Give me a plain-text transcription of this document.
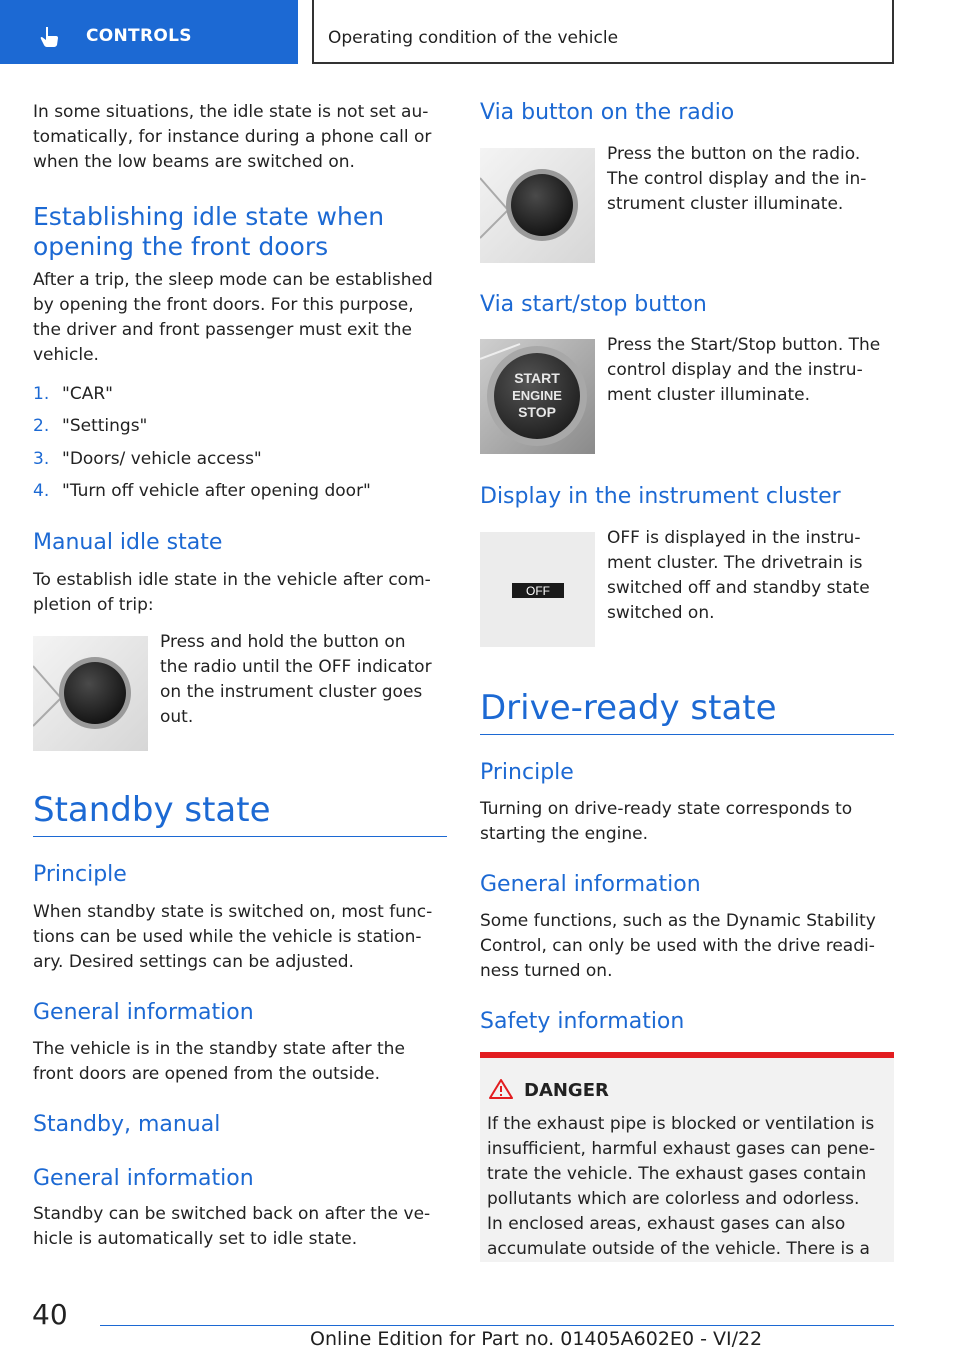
CONTROLS	Operating condition of the vehicle
In some situations, the idle state is not set au-
tomatically, for instance during a phone call or
when the low beams are switched on.
Establishing idle state when
opening the front doors
After a trip, the sleep mode can be established
by opening the front doors. For this purpose,
the driver and front passenger must exit the
vehicle.
1. "CAR"
2. "Settings"
3. "Doors/ vehicle access"
4. "Turn off vehicle after opening door"
Manual idle state
To establish idle state in the vehicle after com-
pletion of trip:
Press and hold the button on
the radio until the OFF indicator
on the instrument cluster goes
out.
Standby state
Principle
When standby state is switched on, most func-
tions can be used while the vehicle is station-
ary. Desired settings can be adjusted.
General information
The vehicle is in the standby state after the
front doors are opened from the outside.
Standby, manual
General information
Standby can be switched back on after the ve-
hicle is automatically set to idle state.
Via button on the radio
Press the button on the radio.
The control display and the in-
strument cluster illuminate.
Via start/stop button
START
ENGINE
STOP
Press the Start/Stop button. The
control display and the instru-
ment cluster illuminate.
Display in the instrument cluster
OFF
OFF is displayed in the instru-
ment cluster. The drivetrain is
switched off and standby state
switched on.
Drive-ready state
Principle
Turning on drive-ready state corresponds to
starting the engine.
General information
Some functions, such as the Dynamic Stability
Control, can only be used with the drive readi-
ness turned on.
Safety information
DANGER
If the exhaust pipe is blocked or ventilation is
insufficient, harmful exhaust gases can pene-
trate the vehicle. The exhaust gases contain
pollutants which are colorless and odorless.
In enclosed areas, exhaust gases can also
accumulate outside of the vehicle. There is a
40
Online Edition for Part no. 01405A602E0 - VI/22
